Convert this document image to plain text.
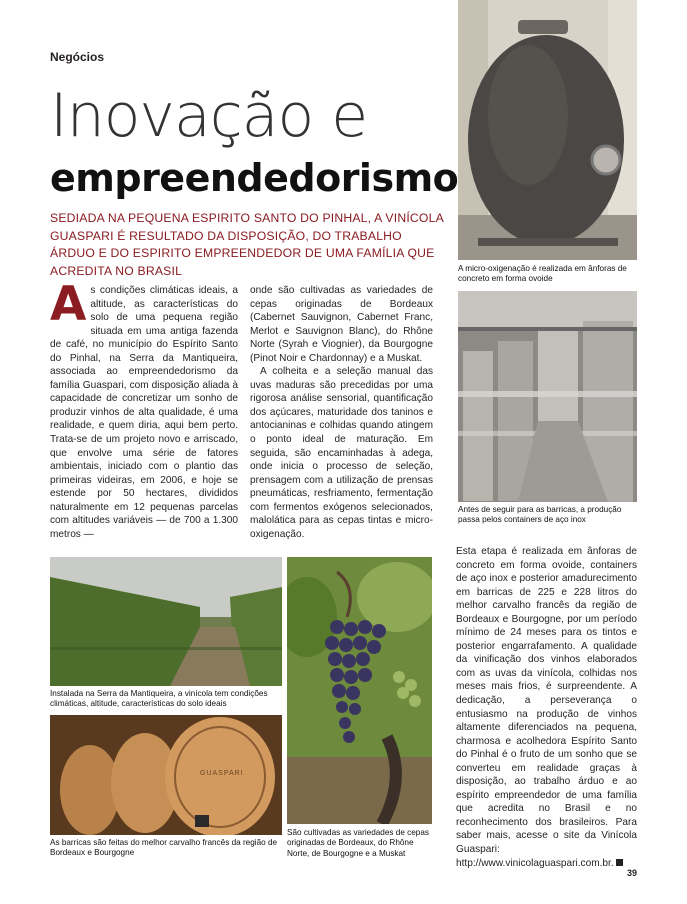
Negócios
Inovação e
empreendedorismo
SEDIADA NA PEQUENA ESPIRITO SANTO DO PINHAL, A VINÍCOLA GUASPARI É RESULTADO DA DISPOSIÇÃO, DO TRABALHO ÁRDUO E DO ESPIRITO EMPREENDEDOR DE UMA FAMÍLIA QUE ACREDITA NO BRASIL

As condições climáticas ideais, a altitude, as características do solo de uma pequena região situada em uma antiga fazenda de café, no município do Espírito Santo do Pinhal, na Serra da Mantiqueira, associada ao empreendedorismo da família Guaspari, com disposição aliada à capacidade de concretizar um sonho de produzir vinhos de alta qualidade, é uma realidade, e quem diria, aqui bem perto. Trata-se de um projeto novo e arriscado, que envolve uma série de fatores ambientais, iniciado com o plantio das primeiras videiras, em 2006, e hoje se estende por 50 hectares, divididos naturalmente em 12 pequenas parcelas com altitudes variáveis — de 700 a 1.300 metros —

onde são cultivadas as variedades de cepas originadas de Bordeaux (Cabernet Sauvignon, Cabernet Franc, Merlot e Sauvignon Blanc), do Rhône Norte (Syrah e Viognier), da Bourgogne (Pinot Noir e Chardonnay) e a Muskat.

A colheita e a seleção manual das uvas maduras são precedidas por uma rigorosa análise sensorial, quantificação dos açúcares, maturidade dos taninos e antocianinas e colhidas quando atingem o ponto ideal de maturação. Em seguida, são encaminhadas à adega, onde inicia o processo de seleção, prensagem com a utilização de prensas pneumáticas, resfriamento, fermentação com fermentos exógenos selecionados, malolática para as cepas tintas e micro-oxigenação.

Esta etapa é realizada em ânforas de concreto em forma ovoide, containers de aço inox e posterior amadurecimento em barricas de 225 e 228 litros do melhor carvalho francês da região de Bordeaux e Bourgogne, por um período mínimo de 24 meses para os tintos e posterior engarrafamento. A qualidade da vinificação dos vinhos elaborados com as uvas da vinícola, colhidas nos meses mais frios, é surpreendente. A dedicação, a perseverança o entusiasmo na produção de vinhos altamente diferenciados na pequena, charmosa e acolhedora Espírito Santo do Pinhal é o fruto de um sonho que se converteu em realidade graças à disposição, ao trabalho árduo e ao espírito empreendedor de uma família que acredita no Brasil e no reconhecimento dos brasileiros. Para saber mais, acesse o site da Vinícola Guaspari: http://www.vinicolaguaspari.com.br.

A micro-oxigenação é realizada em ânforas de concreto em forma ovoide
Antes de seguir para as barricas, a produção passa pelos containers de aço inox
Instalada na Serra da Mantiqueira, a vinícola tem condições climáticas, altitude, características do solo ideais
GUASPARI
As barricas são feitas do melhor carvalho francês da região de Bordeaux e Bourgogne
São cultivadas as variedades de cepas originadas de Bordeaux, do Rhône Norte, de Bourgogne e a Muskat
39
